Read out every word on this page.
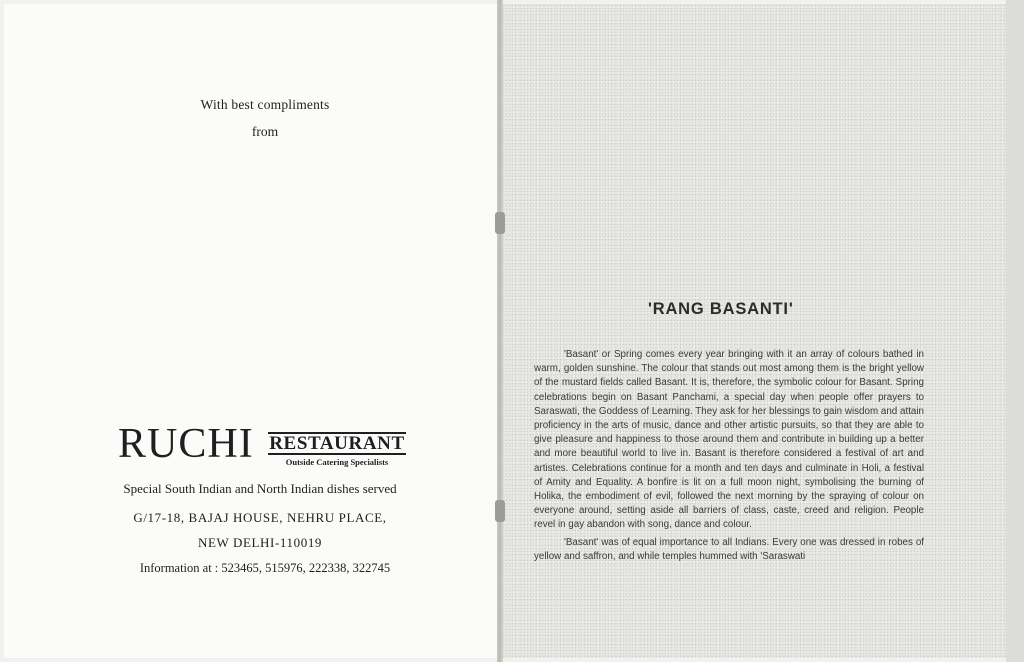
With best compliments
from
RUCHI RESTAURANT
Outside Catering Specialists
Special South Indian and North Indian dishes served
G/17-18, BAJAJ HOUSE, NEHRU PLACE,
NEW DELHI-110019
Information at : 523465, 515976, 222338, 322745
'RANG BASANTI'

'Basant' or Spring comes every year bringing with it an array of colours bathed in warm, golden sunshine. The colour that stands out most among them is the bright yellow of the mustard fields called Basant. It is, therefore, the symbolic colour for Basant. Spring celebrations begin on Basant Panchami, a special day when people offer prayers to Saraswati, the Goddess of Learning. They ask for her blessings to gain wisdom and attain proficiency in the arts of music, dance and other artistic pursuits, so that they are able to give pleasure and happiness to those around them and contribute in building up a better and more beautiful world to live in. Basant is therefore considered a festival of art and artistes. Celebrations continue for a month and ten days and culminate in Holi, a festival of Amity and Equality. A bonfire is lit on a full moon night, symbolising the burning of Holika, the embodiment of evil, followed the next morning by the spraying of colour on everyone around, setting aside all barriers of class, caste, creed and religion. People revel in gay abandon with song, dance and colour.

'Basant' was of equal importance to all Indians. Every one was dressed in robes of yellow and saffron, and while temples hummed with 'Saraswati
